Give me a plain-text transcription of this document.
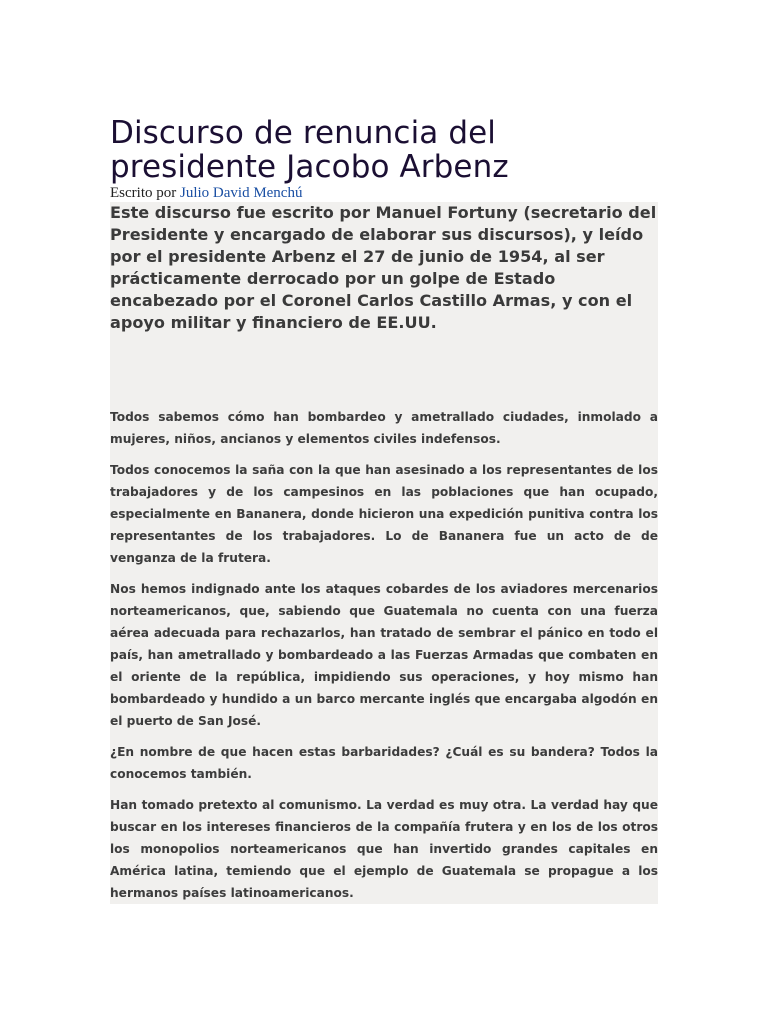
Discurso de renuncia del presidente Jacobo Arbenz
Escrito por Julio David Menchú

Este discurso fue escrito por Manuel Fortuny (secretario del Presidente y encargado de elaborar sus discursos), y leído por el presidente Arbenz el 27 de junio de 1954, al ser prácticamente derrocado por un golpe de Estado encabezado por el Coronel Carlos Castillo Armas, y con el apoyo militar y financiero de EE.UU.

Todos sabemos cómo han bombardeo y ametrallado ciudades, inmolado a mujeres, niños, ancianos y elementos civiles indefensos.

Todos conocemos la saña con la que han asesinado a los representantes de los trabajadores y de los campesinos en las poblaciones que han ocupado, especialmente en Bananera, donde hicieron una expedición punitiva contra los representantes de los trabajadores. Lo de Bananera fue un acto de de venganza de la frutera.

Nos hemos indignado ante los ataques cobardes de los aviadores mercenarios norteamericanos, que, sabiendo que Guatemala no cuenta con una fuerza aérea adecuada para rechazarlos, han tratado de sembrar el pánico en todo el país, han ametrallado y bombardeado a las Fuerzas Armadas que combaten en el oriente de la república, impidiendo sus operaciones, y hoy mismo han bombardeado y hundido a un barco mercante inglés que encargaba algodón en el puerto de San José.

¿En nombre de que hacen estas barbaridades? ¿Cuál es su bandera? Todos la conocemos también.

Han tomado pretexto al comunismo. La verdad es muy otra. La verdad hay que buscar en los intereses financieros de la compañía frutera y en los de los otros los monopolios norteamericanos que han invertido grandes capitales en América latina, temiendo que el ejemplo de Guatemala se propague a los hermanos países latinoamericanos.
